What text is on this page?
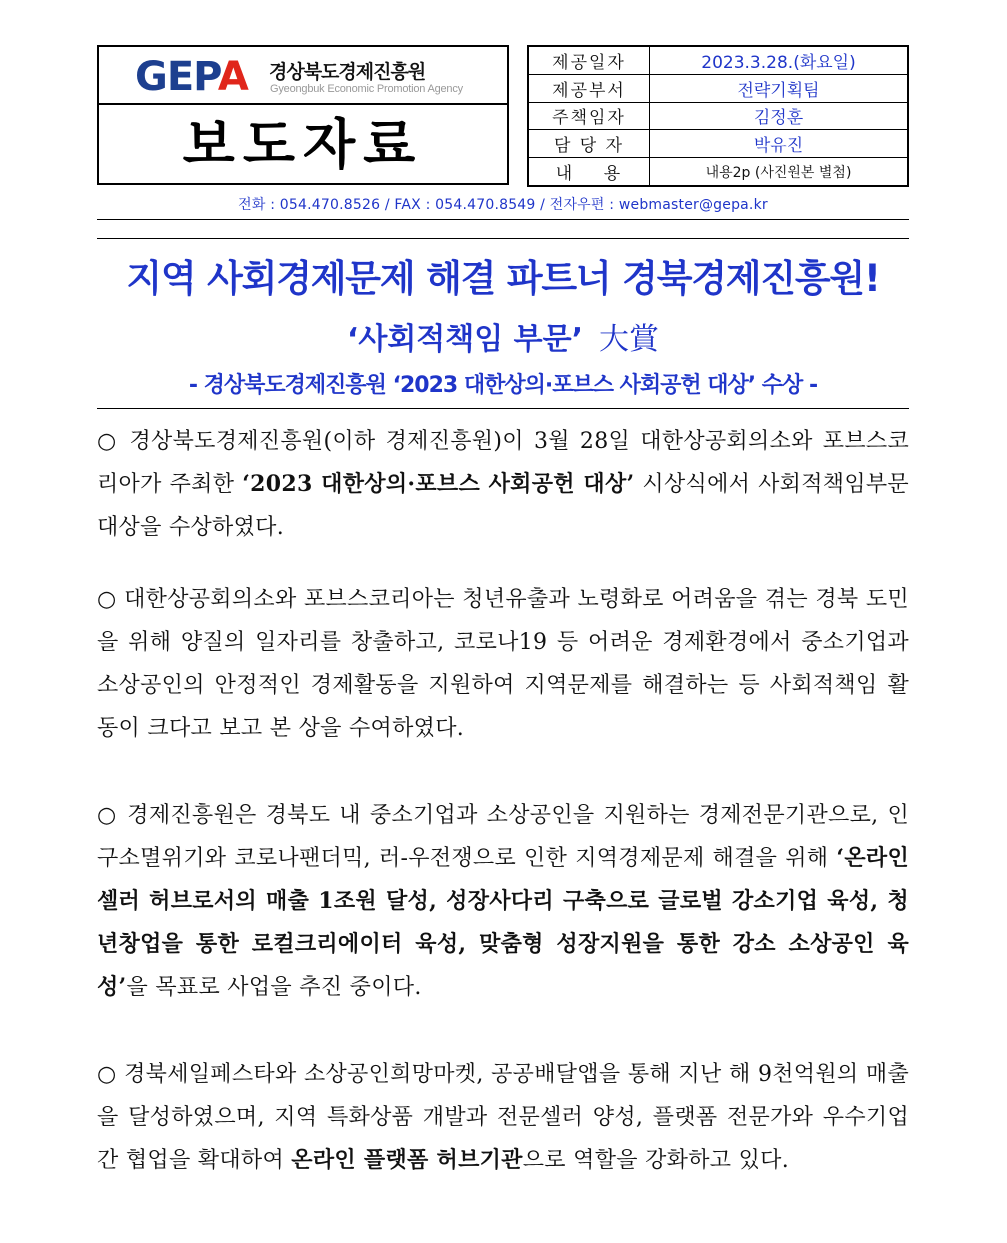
GEPA 경상북도경제진흥원
Gyeongbuk Economic Promotion Agency
보도자료
제공일자	2023.3.28.(화요일)
제공부서	전략기획팀
주책임자	김정훈
담 당 자	박유진
내    용	내용2p (사진원본 별첨)
전화 : 054.470.8526 / FAX : 054.470.8549 / 전자우편 : webmaster@gepa.kr
지역 사회경제문제 해결 파트너 경북경제진흥원!
‘사회적책임 부문’ 大賞
- 경상북도경제진흥원 ‘2023 대한상의·포브스 사회공헌 대상’ 수상 -
○ 경상북도경제진흥원(이하 경제진흥원)이 3월 28일 대한상공회의소와 포브스코리아가 주최한 ‘2023 대한상의·포브스 사회공헌 대상’ 시상식에서 사회적책임부문 대상을 수상하였다.
○ 대한상공회의소와 포브스코리아는 청년유출과 노령화로 어려움을 겪는 경북 도민을 위해 양질의 일자리를 창출하고, 코로나19 등 어려운 경제환경에서 중소기업과 소상공인의 안정적인 경제활동을 지원하여 지역문제를 해결하는 등 사회적책임 활동이 크다고 보고 본 상을 수여하였다.
○ 경제진흥원은 경북도 내 중소기업과 소상공인을 지원하는 경제전문기관으로, 인구소멸위기와 코로나팬더믹, 러-우전쟁으로 인한 지역경제문제 해결을 위해 ‘온라인셀러 허브로서의 매출 1조원 달성, 성장사다리 구축으로 글로벌 강소기업 육성, 청년창업을 통한 로컬크리에이터 육성, 맞춤형 성장지원을 통한 강소 소상공인 육성’을 목표로 사업을 추진 중이다.
○ 경북세일페스타와 소상공인희망마켓, 공공배달앱을 통해 지난 해 9천억원의 매출을 달성하였으며, 지역 특화상품 개발과 전문셀러 양성, 플랫폼 전문가와 우수기업 간 협업을 확대하여 온라인 플랫폼 허브기관으로 역할을 강화하고 있다.
